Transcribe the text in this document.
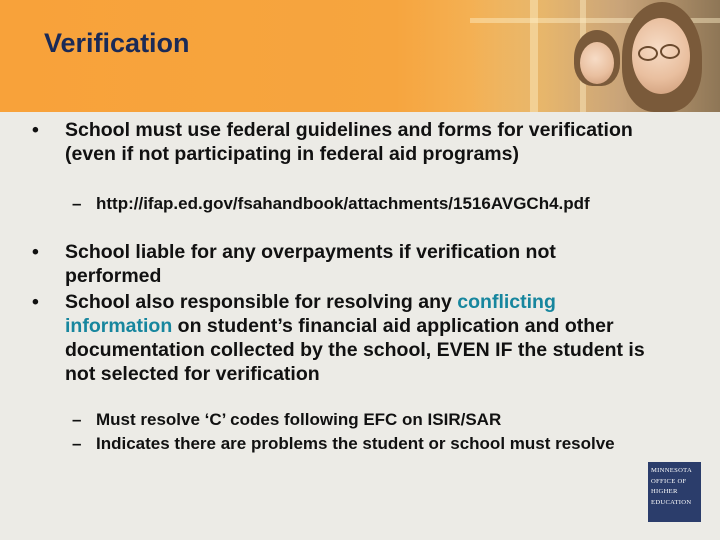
Verification
• School must use federal guidelines and forms for verification (even if not participating in federal aid programs)
– http://ifap.ed.gov/fsahandbook/attachments/1516AVGCh4.pdf
• School liable for any overpayments if verification not performed
• School also responsible for resolving any conflicting information on student’s financial aid application and other documentation collected by the school, EVEN IF the student is not selected for verification
– Must resolve ‘C’ codes following EFC on ISIR/SAR
– Indicates there are problems the student or school must resolve
MINNESOTA
OFFICE OF
HIGHER
EDUCATION
